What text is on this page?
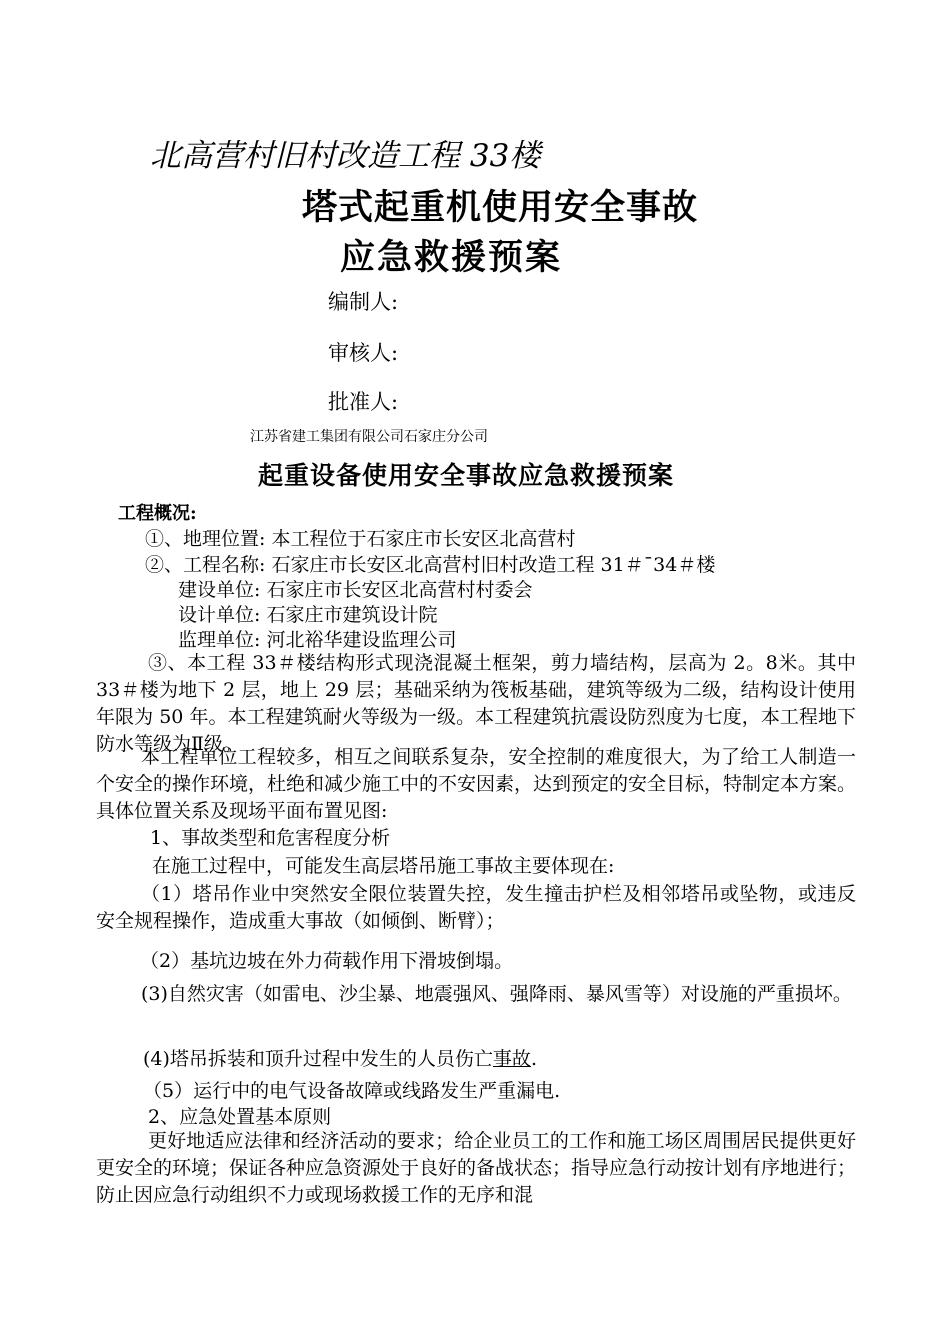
北高营村旧村改造工程 33楼
塔式起重机使用安全事故
应急救援预案
编制人:
审核人:
批准人:
江苏省建工集团有限公司石家庄分公司
起重设备使用安全事故应急救援预案
工程概况:
①、地理位置: 本工程位于石家庄市长安区北高营村
②、工程名称: 石家庄市长安区北高营村旧村改造工程 31＃ˉ34＃楼
建设单位: 石家庄市长安区北高营村村委会
设计单位: 石家庄市建筑设计院
监理单位: 河北裕华建设监理公司
③、本工程 33＃楼结构形式现浇混凝土框架，剪力墙结构，层高为 2。8米。其中 33＃楼为地下 2 层，地上 29 层；基础采纳为筏板基础，建筑等级为二级，结构设计使用年限为 50 年。本工程建筑耐火等级为一级。本工程建筑抗震设防烈度为七度，本工程地下防水等级为Ⅱ级。
本工程单位工程较多，相互之间联系复杂，安全控制的难度很大，为了给工人制造一个安全的操作环境，杜绝和减少施工中的不安因素，达到预定的安全目标，特制定本方案。具体位置关系及现场平面布置见图:
1、事故类型和危害程度分析
在施工过程中，可能发生高层塔吊施工事故主要体现在:
（1）塔吊作业中突然安全限位装置失控，发生撞击护栏及相邻塔吊或坠物，或违反安全规程操作，造成重大事故（如倾倒、断臂）；
（2）基坑边坡在外力荷载作用下滑坡倒塌。
(3)自然灾害（如雷电、沙尘暴、地震强风、强降雨、暴风雪等）对设施的严重损坏。
(4)塔吊拆装和顶升过程中发生的人员伤亡事故.
（5）运行中的电气设备故障或线路发生严重漏电.
2、应急处置基本原则
更好地适应法律和经济活动的要求；给企业员工的工作和施工场区周围居民提供更好更安全的环境；保证各种应急资源处于良好的备战状态；指导应急行动按计划有序地进行；防止因应急行动组织不力或现场救援工作的无序和混
